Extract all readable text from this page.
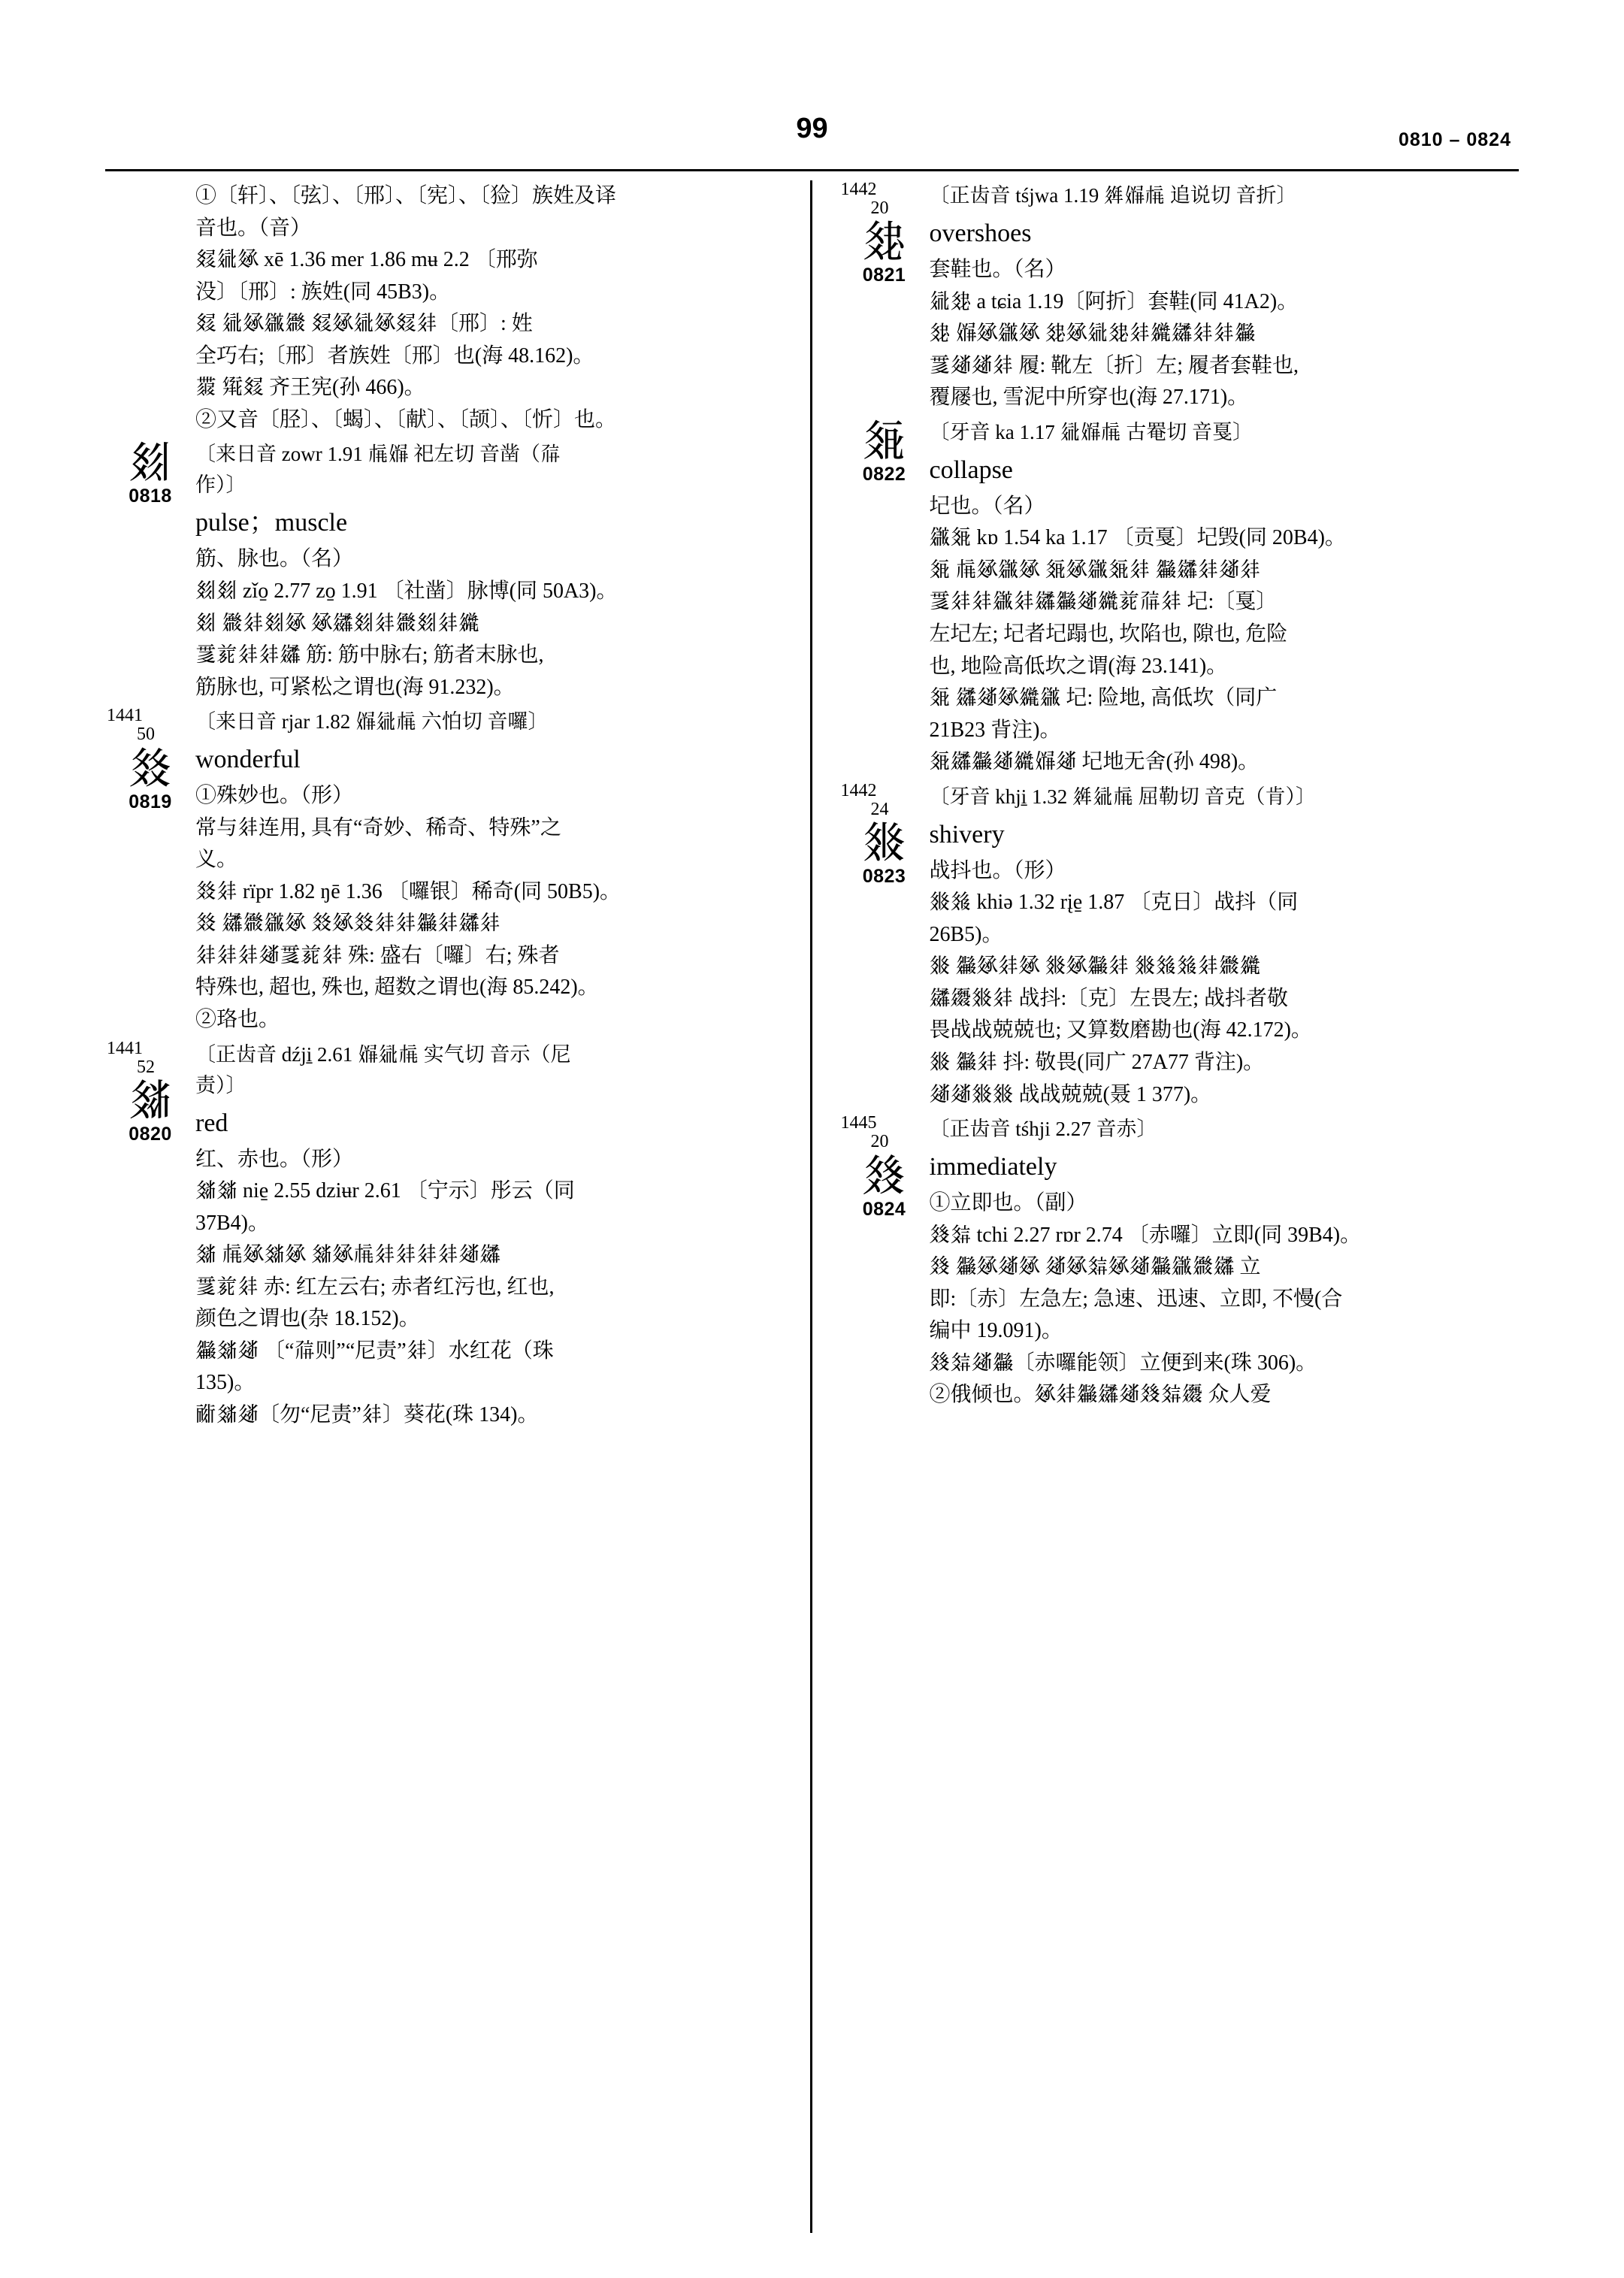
99	0810 – 0824

①〔轩〕、〔弦〕、〔邢〕、〔宪〕、〔猃〕族姓及译

音也。（音）

𗾧𗣼𗫻 xē 1.36 mer 1.86 mʉ 2.2 〔邢弥

没〕〔邢〕: 族姓(同 45B3)。

𗾧 𗣼𗫻𗫡𗫦 𗾧𗫻𗣼𗫻𗾧𗢳〔邢〕: 姓

全巧右;〔邢〕者族姓〔邢〕也(海 48.162)。

𗷅 𗋕𗾧 齐王宪(孙 466)。

②又音〔胫〕、〔蝎〕、〔献〕、〔颉〕、〔忻〕也。

𗾔
0818

〔来日音 zowr 1.91 𗍫𗏵 祀左切 音凿（𗗚

作）〕

pulse；muscle

筋、脉也。（名）

𗾔𗾔 zǐo̱ 2.77 zo̱ 1.91 〔社凿〕脉博(同 50A3)。

𗾔 𗫦𗢳𗾔𗫻 𗫻𗫮𗾔𗢳𗫦𗾔𗢳𗫨

𗴱𗐱𗢳𗢳𗫮 筋: 筋中脉右; 筋者末脉也,

筋脉也, 可紧松之谓也(海 91.232)。

1441
50
𗾕
0819

〔来日音 rjar 1.82 𗏵𗣼𗍫 六怕切 音囉〕

wonderful

①殊妙也。（形）

常与𗢳连用, 具有“奇妙、稀奇、特殊”之

义。

𗾕𗢳 rïpr 1.82 ŋē 1.36 〔囉银〕稀奇(同 50B5)。

𗾕 𗫮𗫦𗫡𗫻 𗾕𗫻𗾕𗢳𗢳𗫬𗢳𗫮𗢳

𗢳𗢳𗢳𗫾𗴱𗐱𗢳 殊: 盛右〔囉〕右; 殊者

特殊也, 超也, 殊也, 超数之谓也(海 85.242)。

②珞也。

1441
52
𗾙
0820

〔正齿音 dźji̱ 2.61 𗏵𗣼𗍫 实气切 音示（尼

责）〕

red

红、赤也。（形）

𗾙𗾙 nie̱ 2.55 dziʉr 2.61 〔宁示〕彤云（同

37B4)。

𗾙 𗍫𗫻𗾙𗫻 𗾙𗫻𗍫𗢳𗢳𗢳𗢳𗫾𗫮

𗴱𗐱𗢳 赤: 红左云右; 赤者红污也, 红也,

颜色之谓也(杂 18.152)。

𗫬𗾙𗫾 〔“𗗚则”“尼责”𗢳〕水红花（珠

135)。

𗠁𗾙𗫾〔勿“尼责”𗢳〕葵花(珠 134)。

1442
20
𗾛
0821

〔正齿音 tśjwa 1.19 𗤶𗏵𗍫 追说切 音折〕

overshoes

套鞋也。（名）

𗣼𗾛 a tɕia 1.19〔阿折〕套鞋(同 41A2)。

𗾛 𗏵𗫻𗫡𗫻 𗾛𗫻𗣼𗾛𗢳𗫨𗫮𗢳𗢳𗫬

𗴱𗫾𗫾𗢳 履: 靴左〔折〕左; 履者套鞋也,

覆屦也, 雪泥中所穿也(海 27.171)。

𗾝
0822

〔牙音 ka 1.17 𗣼𗏵𗍫 古罨切 音戛〕

collapse

圮也。（名）

𗫡𗾝 kɒ 1.54 ka 1.17 〔贡戛〕圮毁(同 20B4)。

𗾝 𗍫𗫻𗫡𗫻 𗾝𗫻𗫡𗾝𗢳 𗫬𗫮𗢳𗫾𗢳

𗴱𗢳𗢳𗫡𗢳𗫮𗫬𗫾𗫨𗐱𗗚𗢳 圮:〔戛〕

左圮左; 圮者圮蹋也, 坎陷也, 隙也, 危险

也, 地险高低坎之谓(海 23.141)。

𗾝 𗫮𗫾𗫻𗫨𗫡 圮: 险地, 高低坎（同广

21B23 背注)。

𗾝𗫮𗫬𗫾𗫨𗏵𗫾 圮地无舍(孙 498)。

1442
24
𗾟
0823

〔牙音 khji̱ 1.32 𗤶𗣼𗍫 屈勒切 音克（肯）〕

shivery

战抖也。（形）

𗾟𗾠 khiə 1.32 rįe̱ 1.87 〔克日〕战抖（同

26B5)。

𗾟 𗫬𗫻𗢳𗫻 𗾟𗫻𗫬𗢳 𗾟𗾠𗾠𗢳𗫦𗫨

𗫮𗫯𗾟𗢳 战抖:〔克〕左畏左; 战抖者敬

畏战战兢兢也; 又算数磨勘也(海 42.172)。

𗾟 𗫬𗢳 抖: 敬畏(同广 27A77 背注)。

𗫾𗫾𗾟𗾟 战战兢兢(聂 1 377)。

1445
20
𗾡
0824

〔正齿音 tśhji 2.27 音赤〕

immediately

①立即也。（副）

𗾡𗾢 tchi 2.27 rɒr 2.74 〔赤囉〕立即(同 39B4)。

𗾡 𗫬𗫻𗫾𗫻 𗫾𗫻𗾢𗫻𗫾𗫬𗫡𗫦𗫮 立

即:〔赤〕左急左; 急速、迅速、立即, 不慢(合

编中 19.091)。

𗾡𗾢𗫾𗫬〔赤囉能领〕立便到来(珠 306)。

②俄倾也。𗫻𗢳𗫬𗫮𗫾𗾡𗾢𗫯 众人爱
